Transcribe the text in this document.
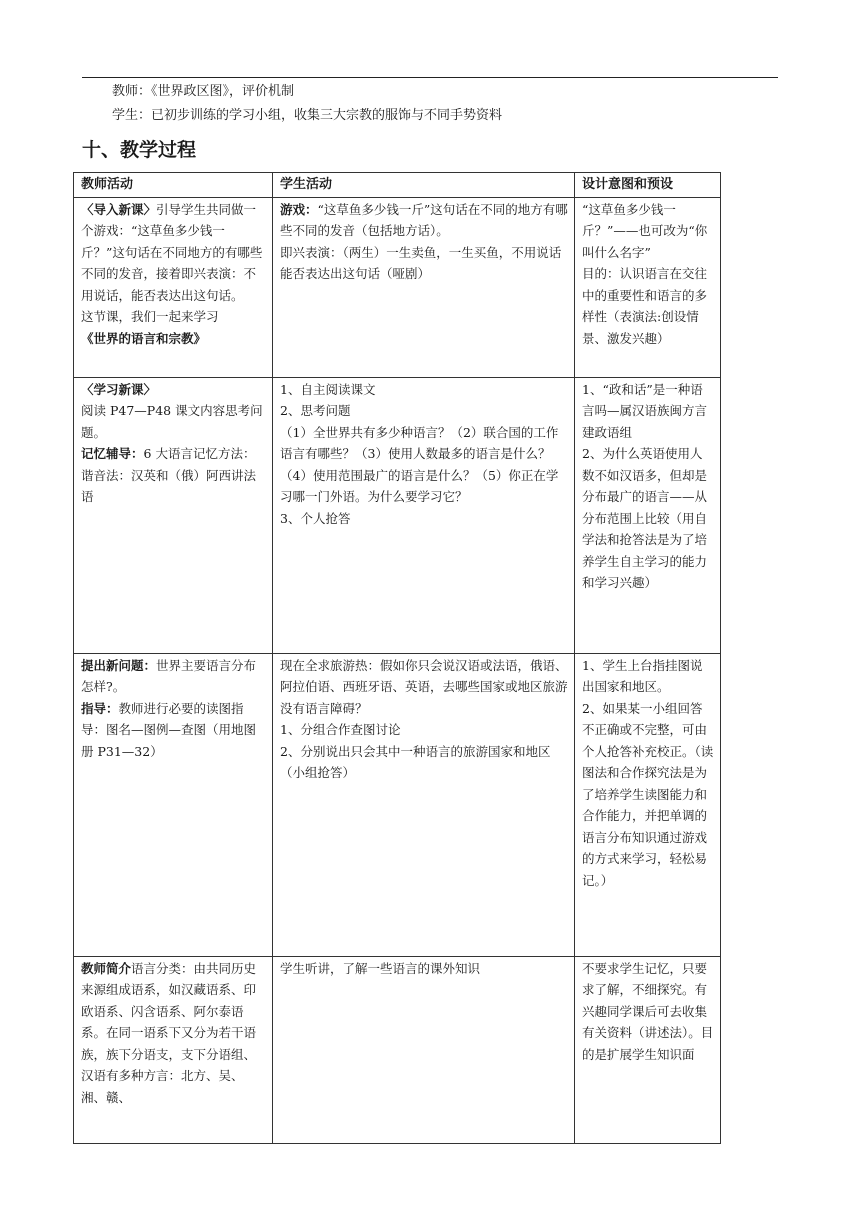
教师：《世界政区图》，评价机制
学生：已初步训练的学习小组，收集三大宗教的服饰与不同手势资料
十、教学过程
教师活动	学生活动	设计意图和预设
〈导入新课〉引导学生共同做一个游戏：“这草鱼多少钱一斤？”这句话在不同地方的有哪些不同的发音，接着即兴表演：不用说话，能否表达出这句话。
这节课，我们一起来学习
《世界的语言和宗教》	游戏：“这草鱼多少钱一斤”这句话在不同的地方有哪些不同的发音（包括地方话）。
即兴表演：（两生）一生卖鱼，一生买鱼，不用说话能否表达出这句话（哑剧）	“这草鱼多少钱一斤？”——也可改为“你叫什么名字”
目的：认识语言在交往中的重要性和语言的多样性（表演法:创设情景、激发兴趣）

〈学习新课〉
阅读 P47—P48 课文内容思考问题。
记忆辅导：6 大语言记忆方法：谐音法：汉英和（俄）阿西讲法语	1、自主阅读课文
2、思考问题
（1）全世界共有多少种语言？（2）联合国的工作语言有哪些？（3）使用人数最多的语言是什么？（4）使用范围最广的语言是什么？（5）你正在学习哪一门外语。为什么要学习它？
3、个人抢答	1、“政和话”是一种语言吗—属汉语族闽方言建政语组
2、为什么英语使用人数不如汉语多，但却是分布最广的语言——从分布范围上比较（用自学法和抢答法是为了培养学生自主学习的能力和学习兴趣）

提出新问题：世界主要语言分布怎样?。
指导：教师进行必要的读图指导：图名—图例—查图（用地图册 P31—32）	现在全求旅游热：假如你只会说汉语或法语，俄语、阿拉伯语、西班牙语、英语，去哪些国家或地区旅游没有语言障碍？
1、分组合作查图讨论
2、分别说出只会其中一种语言的旅游国家和地区（小组抢答）	1、学生上台指挂图说出国家和地区。
2、如果某一小组回答不正确或不完整，可由个人抢答补充校正。（读图法和合作探究法是为了培养学生读图能力和合作能力，并把单调的语言分布知识通过游戏的方式来学习，轻松易记。）

教师简介语言分类：由共同历史来源组成语系，如汉藏语系、印欧语系、闪含语系、阿尔泰语系。在同一语系下又分为若干语族，族下分语支，支下分语组、汉语有多种方言：北方、吴、湘、赣、	学生听讲，了解一些语言的课外知识	不要求学生记忆，只要求了解，不细探究。有兴趣同学课后可去收集有关资料（讲述法）。目的是扩展学生知识面
